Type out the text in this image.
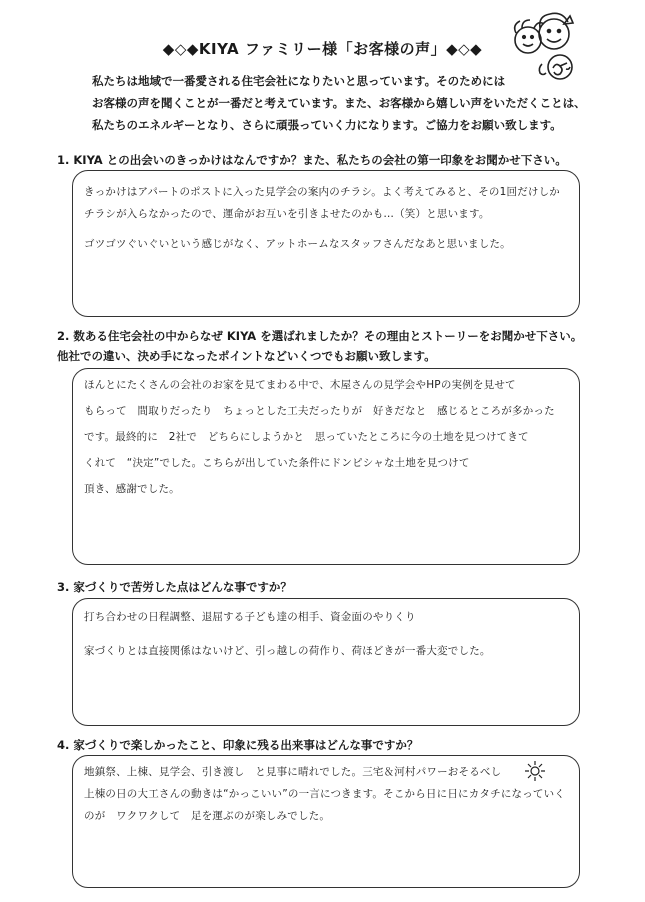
◆◇◆KIYA ファミリー様「お客様の声」◆◇◆
私たちは地域で一番愛される住宅会社になりたいと思っています。そのためには
お客様の声を聞くことが一番だと考えています。また、お客様から嬉しい声をいただくことは、
私たちのエネルギーとなり、さらに頑張っていく力になります。ご協力をお願い致します。
1. KIYA との出会いのきっかけはなんですか？また、私たちの会社の第一印象をお聞かせ下さい。
きっかけはアパートのポストに入った見学会の案内のチラシ。よく考えてみると、その1回だけしか
チラシが入らなかったので、運命がお互いを引きよせたのかも…（笑）と思います。
ゴツゴツぐいぐいという感じがなく、アットホームなスタッフさんだなあと思いました。
2. 数ある住宅会社の中からなぜ KIYA を選ばれましたか？その理由とストーリーをお聞かせ下さい。
他社での違い、決め手になったポイントなどいくつでもお願い致します。
ほんとにたくさんの会社のお家を見てまわる中で、木屋さんの見学会やHPの実例を見せて
もらって　間取りだったり　ちょっとした工夫だったりが　好きだなと　感じるところが多かった
です。最終的に　2社で　どちらにしようかと　思っていたところに今の土地を見つけてきて
くれて　“決定”でした。こちらが出していた条件にドンピシャな土地を見つけて
頂き、感謝でした。
3. 家づくりで苦労した点はどんな事ですか？
打ち合わせの日程調整、退屈する子ども達の相手、資金面のやりくり
家づくりとは直接関係はないけど、引っ越しの荷作り、荷ほどきが一番大変でした。
4. 家づくりで楽しかったこと、印象に残る出来事はどんな事ですか？
地鎮祭、上棟、見学会、引き渡し　と見事に晴れでした。三宅＆河村パワーおそるべし
上棟の日の大工さんの動きは“かっこいい”の一言につきます。そこから日に日にカタチになっていく
のが　ワクワクして　足を運ぶのが楽しみでした。
